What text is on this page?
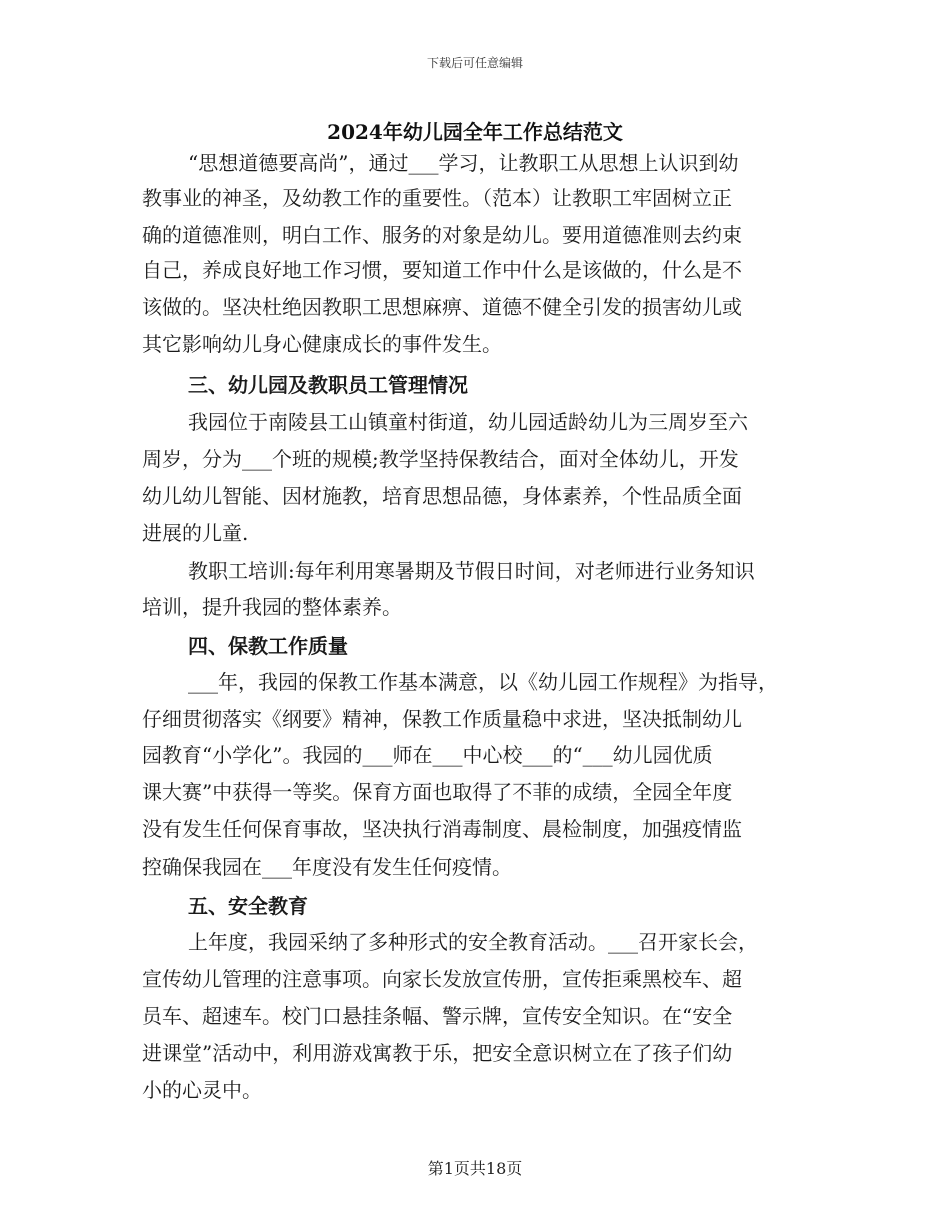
下载后可任意编辑
2024年幼儿园全年工作总结范文
“思想道德要高尚”，通过___学习，让教职工从思想上认识到幼
教事业的神圣，及幼教工作的重要性。（范本）让教职工牢固树立正
确的道德准则，明白工作、服务的对象是幼儿。要用道德准则去约束
自己，养成良好地工作习惯，要知道工作中什么是该做的，什么是不
该做的。坚决杜绝因教职工思想麻痹、道德不健全引发的损害幼儿或
其它影响幼儿身心健康成长的事件发生。
三、幼儿园及教职员工管理情况
我园位于南陵县工山镇童村街道，幼儿园适龄幼儿为三周岁至六
周岁，分为___个班的规模;教学坚持保教结合，面对全体幼儿，开发
幼儿幼儿智能、因材施教，培育思想品德，身体素养，个性品质全面
进展的儿童.
教职工培训:每年利用寒暑期及节假日时间，对老师进行业务知识
培训，提升我园的整体素养。
四、保教工作质量
___年，我园的保教工作基本满意，以《幼儿园工作规程》为指导，
仔细贯彻落实《纲要》精神，保教工作质量稳中求进，坚决抵制幼儿
园教育“小学化”。我园的___师在___中心校___的“___幼儿园优质
课大赛”中获得一等奖。保育方面也取得了不菲的成绩，全园全年度
没有发生任何保育事故，坚决执行消毒制度、晨检制度，加强疫情监
控确保我园在___年度没有发生任何疫情。
五、安全教育
上年度，我园采纳了多种形式的安全教育活动。___召开家长会，
宣传幼儿管理的注意事项。向家长发放宣传册，宣传拒乘黑校车、超
员车、超速车。校门口悬挂条幅、警示牌，宣传安全知识。在“安全
进课堂”活动中，利用游戏寓教于乐，把安全意识树立在了孩子们幼
小的心灵中。
第1页共18页
